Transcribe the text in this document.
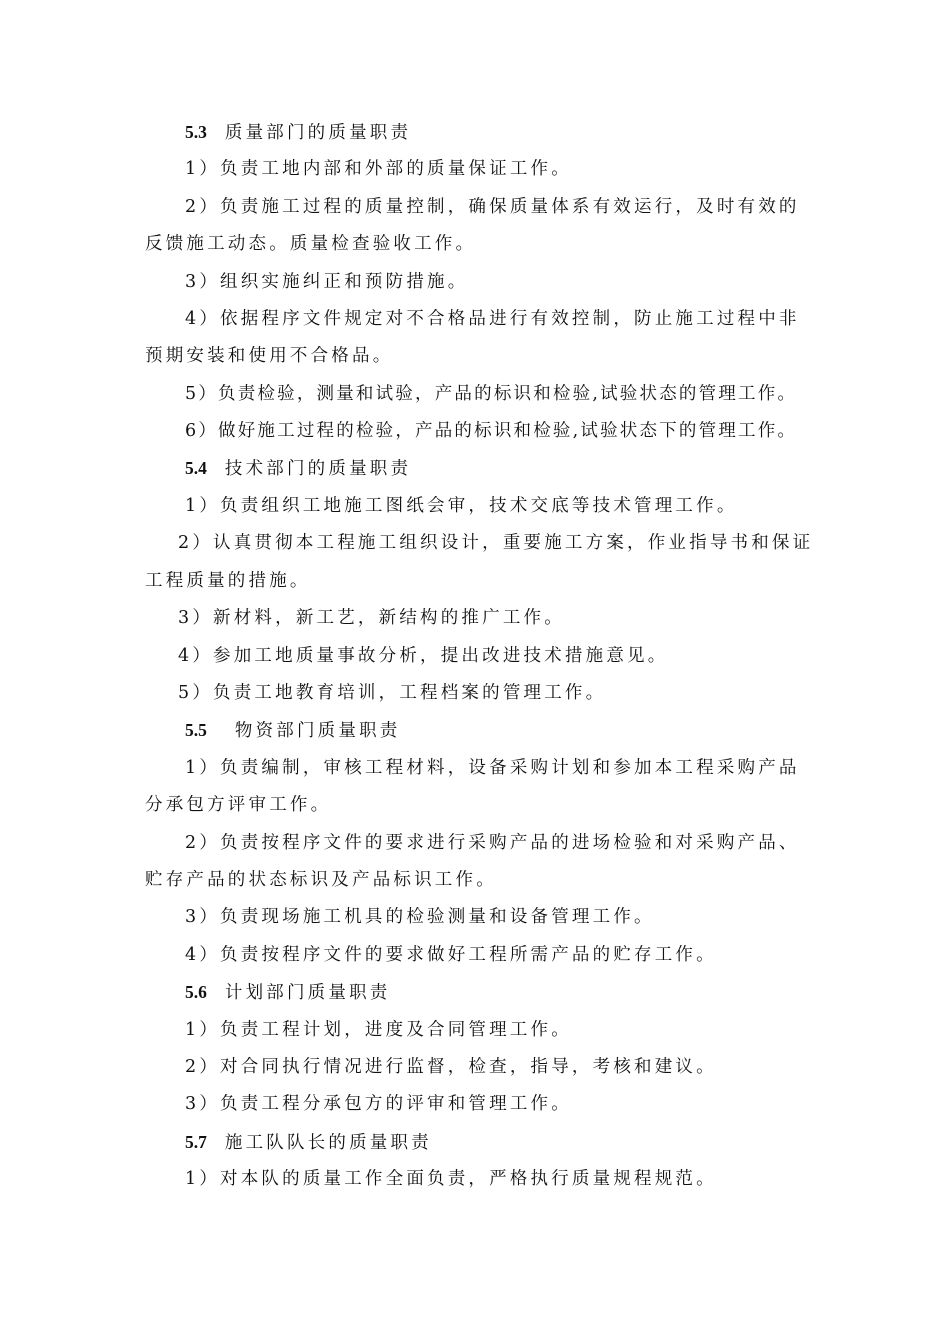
5.3 质量部门的质量职责
1）负责工地内部和外部的质量保证工作。
2）负责施工过程的质量控制，确保质量体系有效运行，及时有效的
反馈施工动态。质量检查验收工作。
3）组织实施纠正和预防措施。
4）依据程序文件规定对不合格品进行有效控制，防止施工过程中非
预期安装和使用不合格品。
5）负责检验，测量和试验，产品的标识和检验,试验状态的管理工作。
6）做好施工过程的检验，产品的标识和检验,试验状态下的管理工作。
5.4 技术部门的质量职责
1）负责组织工地施工图纸会审，技术交底等技术管理工作。
2）认真贯彻本工程施工组织设计，重要施工方案，作业指导书和保证
工程质量的措施。
3）新材料，新工艺，新结构的推广工作。
4）参加工地质量事故分析，提出改进技术措施意见。
5）负责工地教育培训，工程档案的管理工作。
5.5 物资部门质量职责
1）负责编制，审核工程材料，设备采购计划和参加本工程采购产品
分承包方评审工作。
2）负责按程序文件的要求进行采购产品的进场检验和对采购产品、
贮存产品的状态标识及产品标识工作。
3）负责现场施工机具的检验测量和设备管理工作。
4）负责按程序文件的要求做好工程所需产品的贮存工作。
5.6 计划部门质量职责
1）负责工程计划，进度及合同管理工作。
2）对合同执行情况进行监督，检查，指导，考核和建议。
3）负责工程分承包方的评审和管理工作。
5.7 施工队队长的质量职责
1）对本队的质量工作全面负责，严格执行质量规程规范。
